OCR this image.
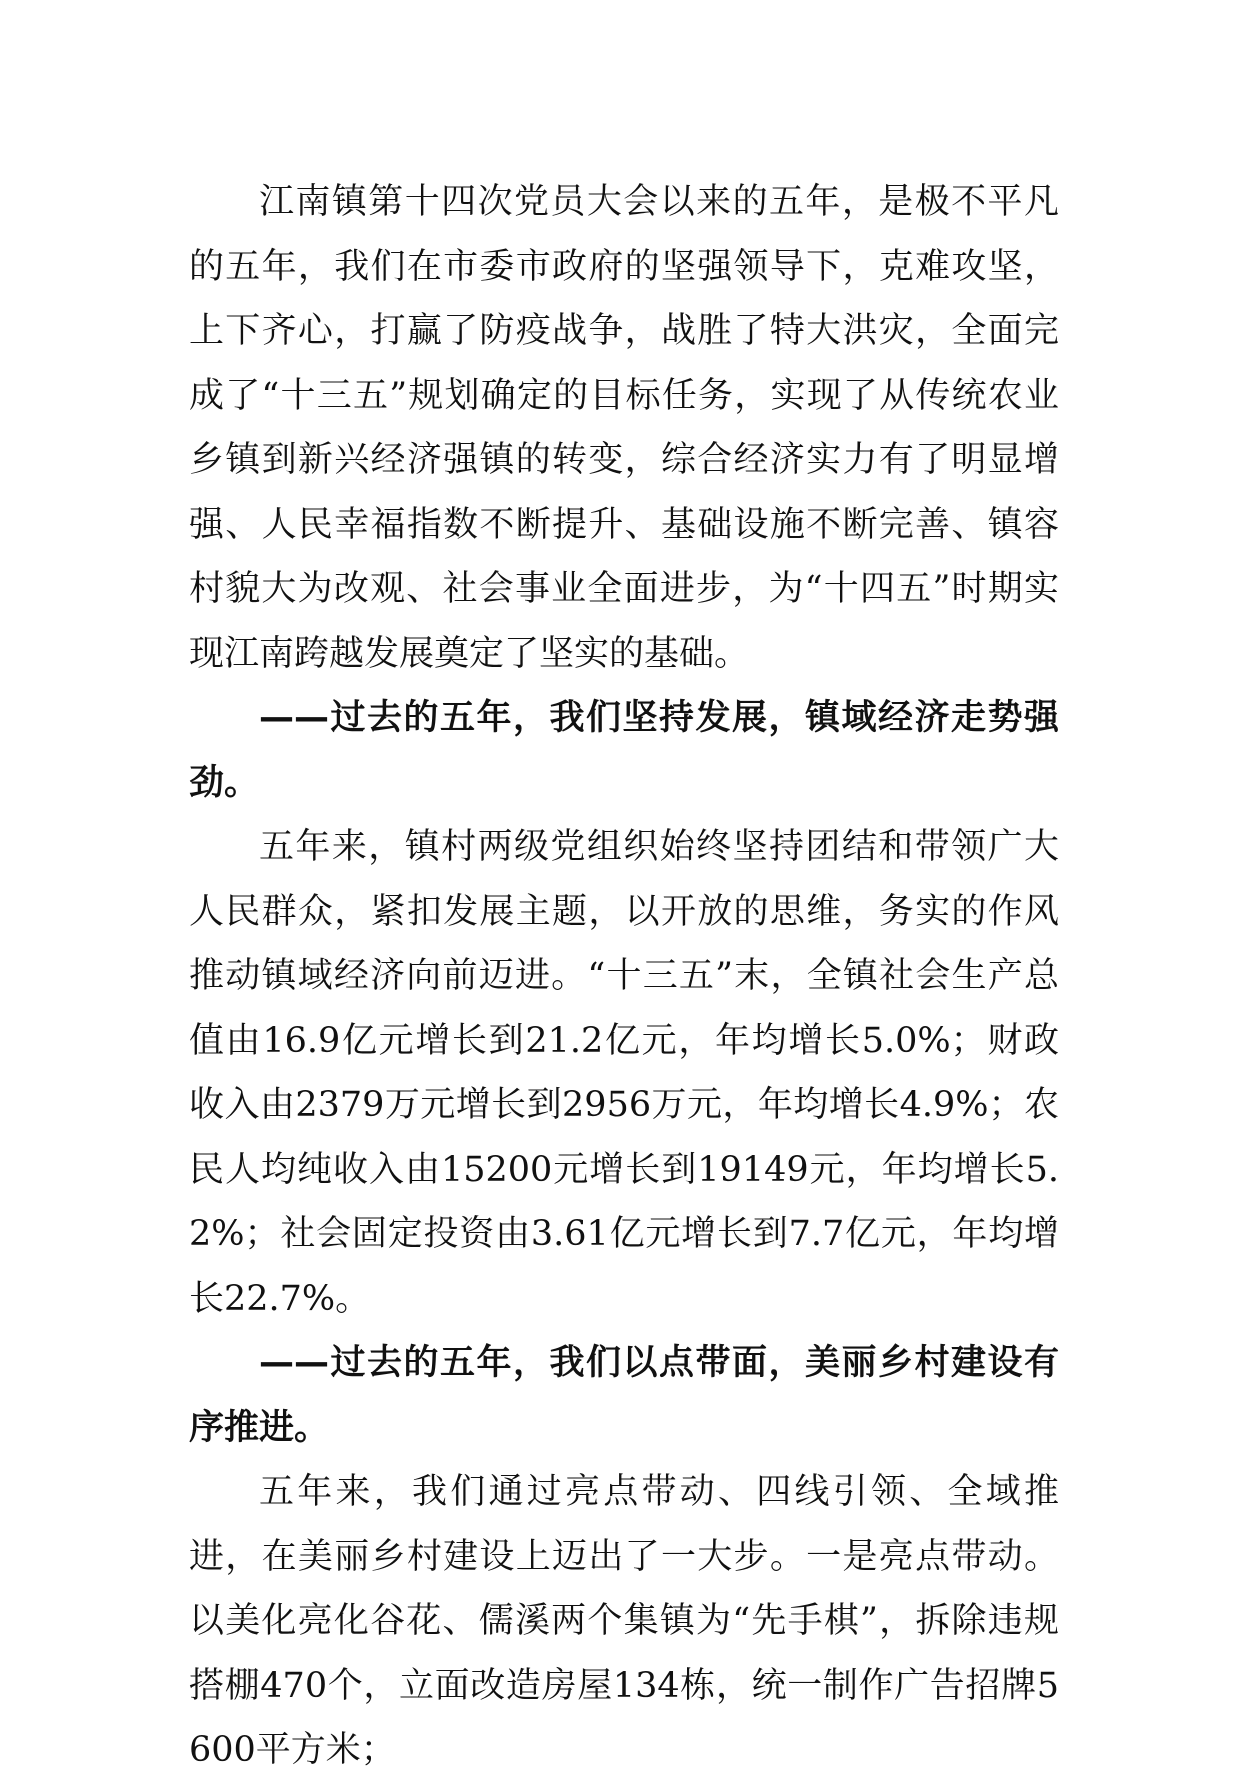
江南镇第十四次党员大会以来的五年，是极不平凡的五年，我们在市委市政府的坚强领导下，克难攻坚，上下齐心，打赢了防疫战争，战胜了特大洪灾，全面完成了“十三五”规划确定的目标任务，实现了从传统农业乡镇到新兴经济强镇的转变，综合经济实力有了明显增强、人民幸福指数不断提升、基础设施不断完善、镇容村貌大为改观、社会事业全面进步，为“十四五”时期实现江南跨越发展奠定了坚实的基础。

——过去的五年，我们坚持发展，镇域经济走势强劲。

五年来，镇村两级党组织始终坚持团结和带领广大人民群众，紧扣发展主题，以开放的思维，务实的作风推动镇域经济向前迈进。“十三五”末，全镇社会生产总值由16.9亿元增长到21.2亿元，年均增长5.0%；财政收入由2379万元增长到2956万元，年均增长4.9%；农民人均纯收入由15200元增长到19149元，年均增长5.2%；社会固定投资由3.61亿元增长到7.7亿元，年均增长22.7%。

——过去的五年，我们以点带面，美丽乡村建设有序推进。

五年来，我们通过亮点带动、四线引领、全域推进，在美丽乡村建设上迈出了一大步。一是亮点带动。以美化亮化谷花、儒溪两个集镇为“先手棋”，拆除违规搭棚470个，立面改造房屋134栋，统一制作广告招牌5600平方米；
